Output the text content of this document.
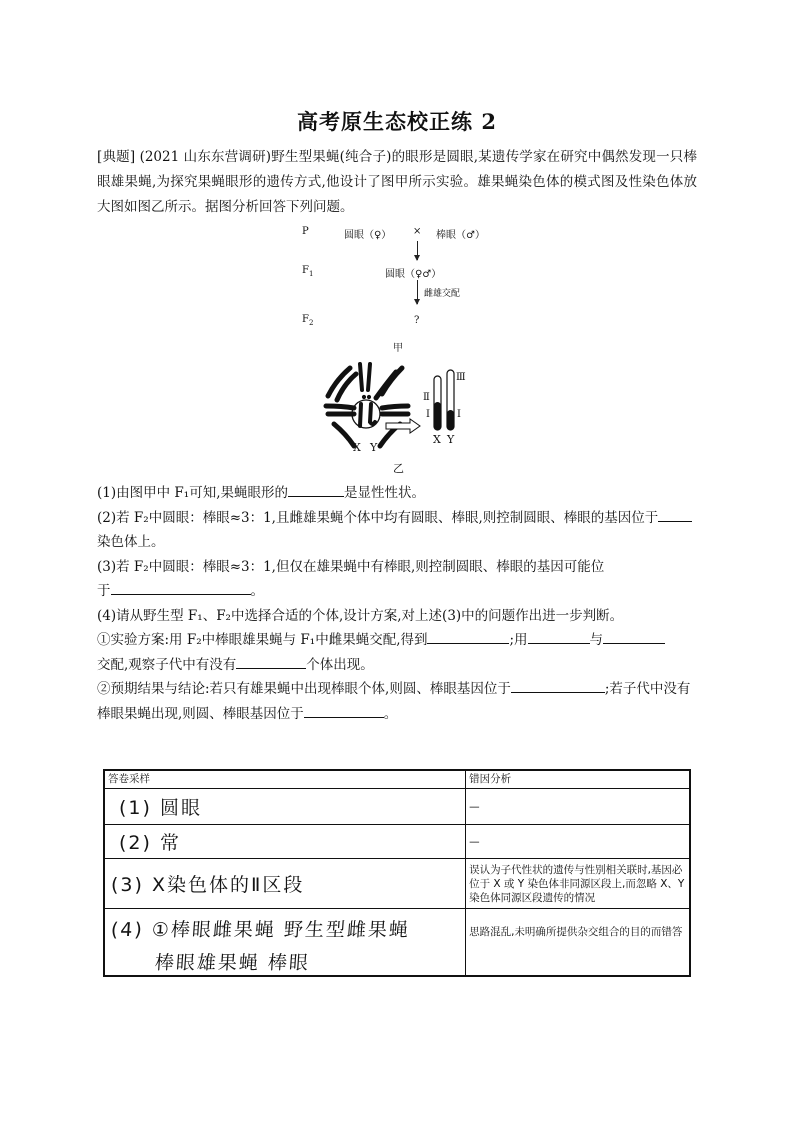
高考原生态校正练 2
[典题] (2021 山东东营调研)野生型果蝇(纯合子)的眼形是圆眼,某遗传学家在研究中偶然发现一只棒眼雄果蝇,为探究果蝇眼形的遗传方式,他设计了图甲所示实验。雄果蝇染色体的模式图及性染色体放大图如图乙所示。据图分析回答下列问题。
P	圆眼（♀） × 棒眼（♂）
$F_1$	圆眼（♀♂）
雌雄交配
$F_2$	?
甲
Ⅱ
Ⅲ
Ⅰ	Ⅰ
X Y
X Y
乙

(1)由图甲中 F₁可知,果蝇眼形的	是显性性状。

(2)若 F₂中圆眼：棒眼≈3：1,且雌雄果蝇个体中均有圆眼、棒眼,则控制圆眼、棒眼的基因位于染色体上。

(3)若 F₂中圆眼：棒眼≈3：1,但仅在雄果蝇中有棒眼,则控制圆眼、棒眼的基因可能位
于	。

(4)请从野生型 F₁、F₂中选择合适的个体,设计方案,对上述(3)中的问题作出进一步判断。

①实验方案:用 F₂中棒眼雄果蝇与 F₁中雌果蝇交配,得到	;用	与
交配,观察子代中有没有	个体出现。

②预期结果与结论:若只有雄果蝇中出现棒眼个体,则圆、棒眼基因位于	;若子代中没有棒眼果蝇出现,则圆、棒眼基因位于	。

答卷采样	错因分析
(1) 圆眼	—
(2) 常	—
(3) X染色体的Ⅱ区段	误认为子代性状的遗传与性别相关联时,基因必位于 X 或 Y 染色体非同源区段上,而忽略 X、Y 染色体同源区段遗传的情况

(4) ①棒眼雌果蝇 野生型雌果蝇
棒眼雄果蝇 棒眼	思路混乱,未明确所提供杂交组合的目的而错答
